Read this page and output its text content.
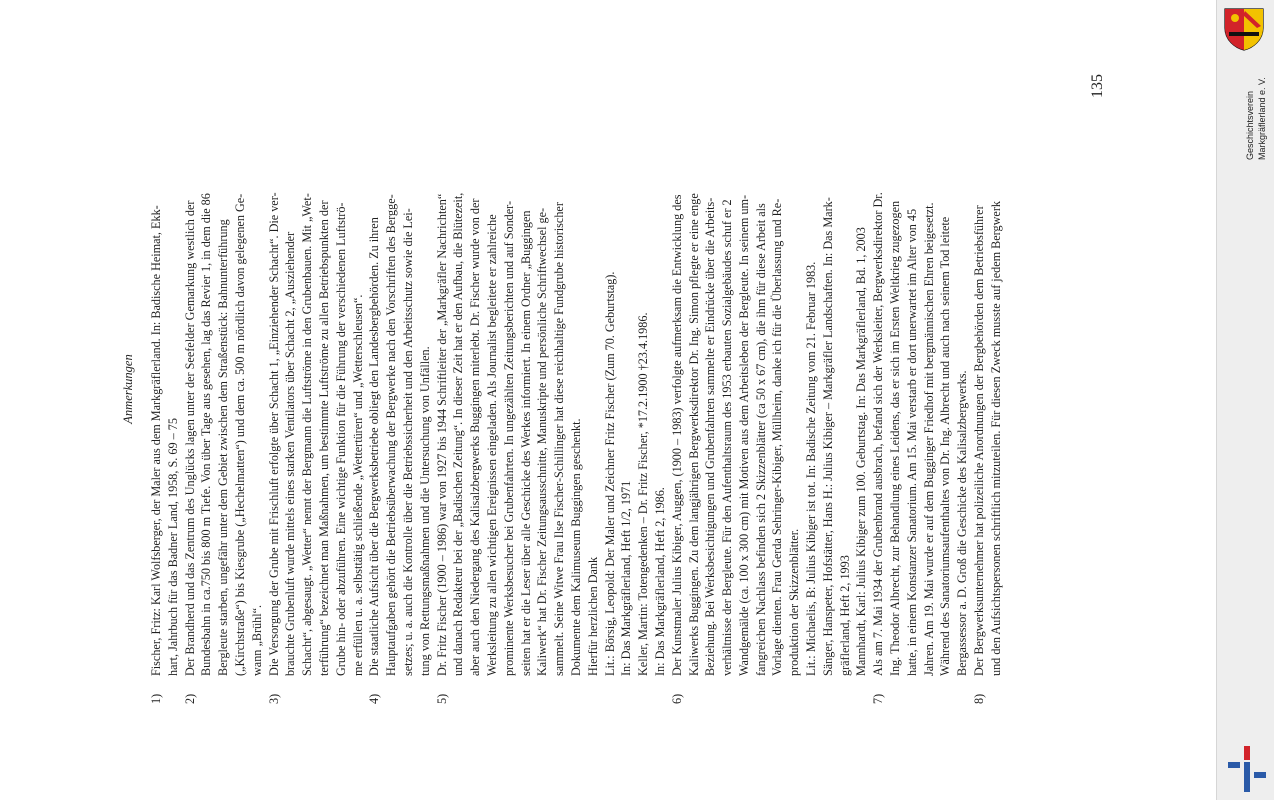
Anmerkungen
1)
Fischer, Fritz: Karl Wolfsberger, der Maler aus dem Markgräflerland. In: Badische Heimat, Ekk- hart, Jahrbuch für das Badner Land, 1958, S. 69 – 75
2)
Der Brandherd und das Zentrum des Unglücks lagen unter der Seefelder Gemarkung westlich der Bundesbahn in ca.750 bis 800 m Tiefe. Von über Tage aus gesehen, lag das Revier 1, in dem die 86 Bergleute starben, ungefähr unter dem Gebiet zwischen dem Straßenstück: Bahnunterführung („Kirchstraße“) bis Kiesgrube („Hechelmatten“) und dem ca. 500 m nördlich davon gelegenen Ge- wann „Brühl“.
3)
Die Versorgung der Grube mit Frischluft erfolgte über Schacht 1, „Einziehender Schacht“. Die ver- brauchte Grubenluft wurde mittels eines starken Ventilators über Schacht 2, „Ausziehender Schacht“, abgesaugt. „Wetter“ nennt der Bergmann die Luftströme in den Grubenbauen. Mit „Wet- terführung“ bezeichnet man Maßnahmen, um bestimmte Luftströme zu allen Betriebspunkten der Grube hin- oder abzuführen. Eine wichtige Funktion für die Führung der verschiedenen Luftströ- me erfüllen u. a. selbsttätig schließende „Wettertüren“ und „Wetterschleusen“.
4)
Die staatliche Aufsicht über die Bergwerksbetriebe obliegt den Landesbergbehörden. Zu ihren Hauptaufgaben gehört die Betriebsüberwachung der Bergwerke nach den Vorschriften des Bergge- setzes; u. a. auch die Kontrolle über die Betriebssicherheit und den Arbeitsschutz sowie die Lei- tung von Rettungsmaßnahmen und die Untersuchung von Unfällen.
5)
Dr. Fritz Fischer (1900 – 1986) war von 1927 bis 1944 Schriftleiter der „Markgräfler Nachrichten“ und danach Redakteur bei der „Badischen Zeitung“. In dieser Zeit hat er den Aufbau, die Blütezeit, aber auch den Niedergang des Kalisalzbergwerks Buggingen miterlebt. Dr. Fischer wurde von der Werksleitung zu allen wichtigen Ereignissen eingeladen. Als Journalist begleitete er zahlreiche prominente Werksbesucher bei Grubenfahrten. In ungezählten Zeitungsberichten und auf Sonder- seiten hat er die Leser über alle Geschicke des Werkes informiert. In einem Ordner „Buggingen Kaliwerk“ hat Dr. Fischer Zeitungsausschnitte, Manuskripte und persönliche Schriftwechsel ge- sammelt. Seine Witwe Frau Ilse Fischer-Schillinger hat diese reichhaltige Fundgrube historischer Dokumente dem Kalimuseum Buggingen geschenkt. Hierfür herzlichen Dank Lit.: Börsig, Leopold: Der Maler und Zeichner Fritz Fischer (Zum 70. Geburtstag). In: Das Markgräflerland, Heft 1/2, 1971 Keller, Martin: Totengedenken – Dr. Fritz Fischer, *17.2.1900 †23.4.1986. In: Das Markgräflerland, Heft 2, 1986.
6)
Der Kunstmaler Julius Kibiger, Auggen, (1900 – 1983) verfolgte aufmerksam die Entwicklung des Kaliwerks Buggingen. Zu dem langjährigen Bergwerksdirektor Dr. Ing. Simon pflegte er eine enge Beziehung. Bei Werksbesichtigungen und Grubenfahrten sammelte er Eindrücke über die Arbeits- verhältnisse der Bergleute. Für den Aufenthaltsraum des 1953 erbauten Sozialgebäudes schuf er 2 Wandgemälde (ca. 100 x 300 cm) mit Motiven aus dem Arbeitsleben der Bergleute. In seinem um- fangreichen Nachlass befinden sich 2 Skizzenblätter (ca 50 x 67 cm), die ihm für diese Arbeit als Vorlage dienten. Frau Gerda Sehringer-Kibiger, Müllheim, danke ich für die Überlassung und Re- produktion der Skizzenblätter. Lit.: Michaelis, B: Julius Kibiger ist tot. In: Badische Zeitung vom 21. Februar 1983. Sänger, Hanspeter, Hofstätter, Hans H.: Julius Kibiger – Markgräfler Landschaften. In: Das Mark- gräflerland, Heft 2, 1993 Mannhardt, Karl: Julius Kibiger zum 100. Geburtstag. In: Das Markgräflerland, Bd. 1, 2003
7)
Als am 7. Mai 1934 der Grubenbrand ausbrach, befand sich der Werksleiter, Bergwerksdirektor Dr. Ing. Theodor Albrecht, zur Behandlung eines Leidens, das er sich im Ersten Weltkrieg zugezogen hatte, in einem Konstanzer Sanatorium. Am 15. Mai verstarb er dort unerwartet im Alter von 45 Jahren. Am 19. Mai wurde er auf dem Bugginger Friedhof mit bergmännischen Ehren beigesetzt. Während des Sanatoriumsaufenthaltes von Dr. Ing. Albrecht und auch nach seinem Tod leitete Bergassessor a. D. Groß die Geschicke des Kalisalzbergwerks.
8)
Der Bergwerksunternehmer hat polizeiliche Anordnungen der Bergbehörden dem Betriebsführer und den Aufsichtspersonen schriftlich mitzuteilen. Für diesen Zweck musste auf jedem Bergwerk
135
Geschichtsverein Markgräflerland e. V.
